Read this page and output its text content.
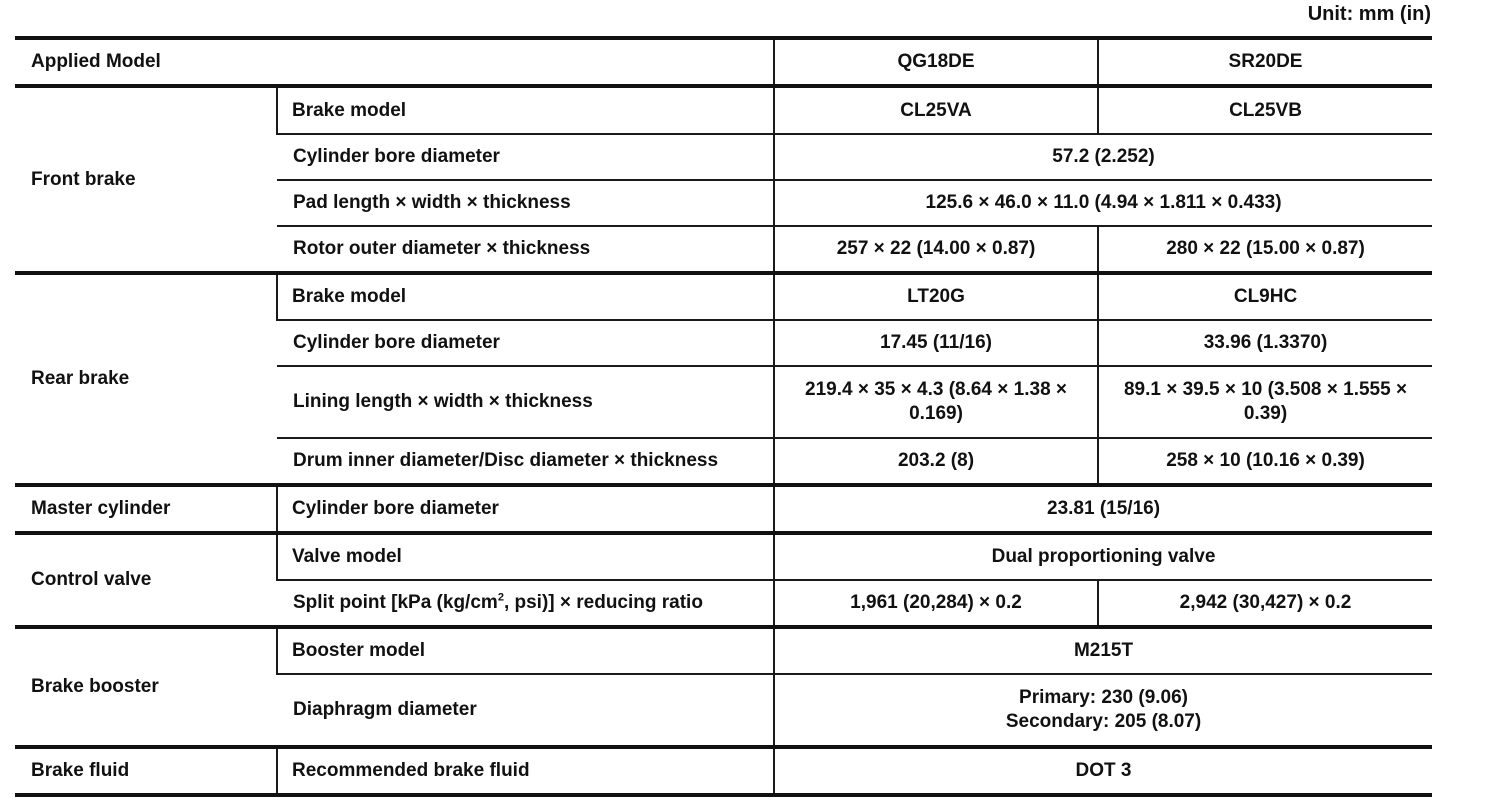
Unit: mm (in)
Applied Model		QG18DE	SR20DE
Front brake	Brake model	CL25VA	CL25VB
	Cylinder bore diameter	57.2 (2.252)	
	Pad length × width × thickness	125.6 × 46.0 × 11.0 (4.94 × 1.811 × 0.433)	
	Rotor outer diameter × thickness	257 × 22 (14.00 × 0.87)	280 × 22 (15.00 × 0.87)
Rear brake	Brake model	LT20G	CL9HC
	Cylinder bore diameter	17.45 (11/16)	33.96 (1.3370)
	Lining length × width × thickness	219.4 × 35 × 4.3 (8.64 × 1.38 × 0.169)	89.1 × 39.5 × 10 (3.508 × 1.555 × 0.39)
	Drum inner diameter/Disc diameter × thickness	203.2 (8)	258 × 10 (10.16 × 0.39)
Master cylinder	Cylinder bore diameter	23.81 (15/16)	
Control valve	Valve model	Dual proportioning valve	
	Split point [kPa ($kg/cm^2$, psi)] × reducing ratio	1,961 (20,284) × 0.2	2,942 (30,427) × 0.2
Brake booster	Booster model	M215T	
	Diaphragm diameter	Primary: 230 (9.06)
Secondary: 205 (8.07)	

Brake fluid	Recommended brake fluid	DOT 3	
